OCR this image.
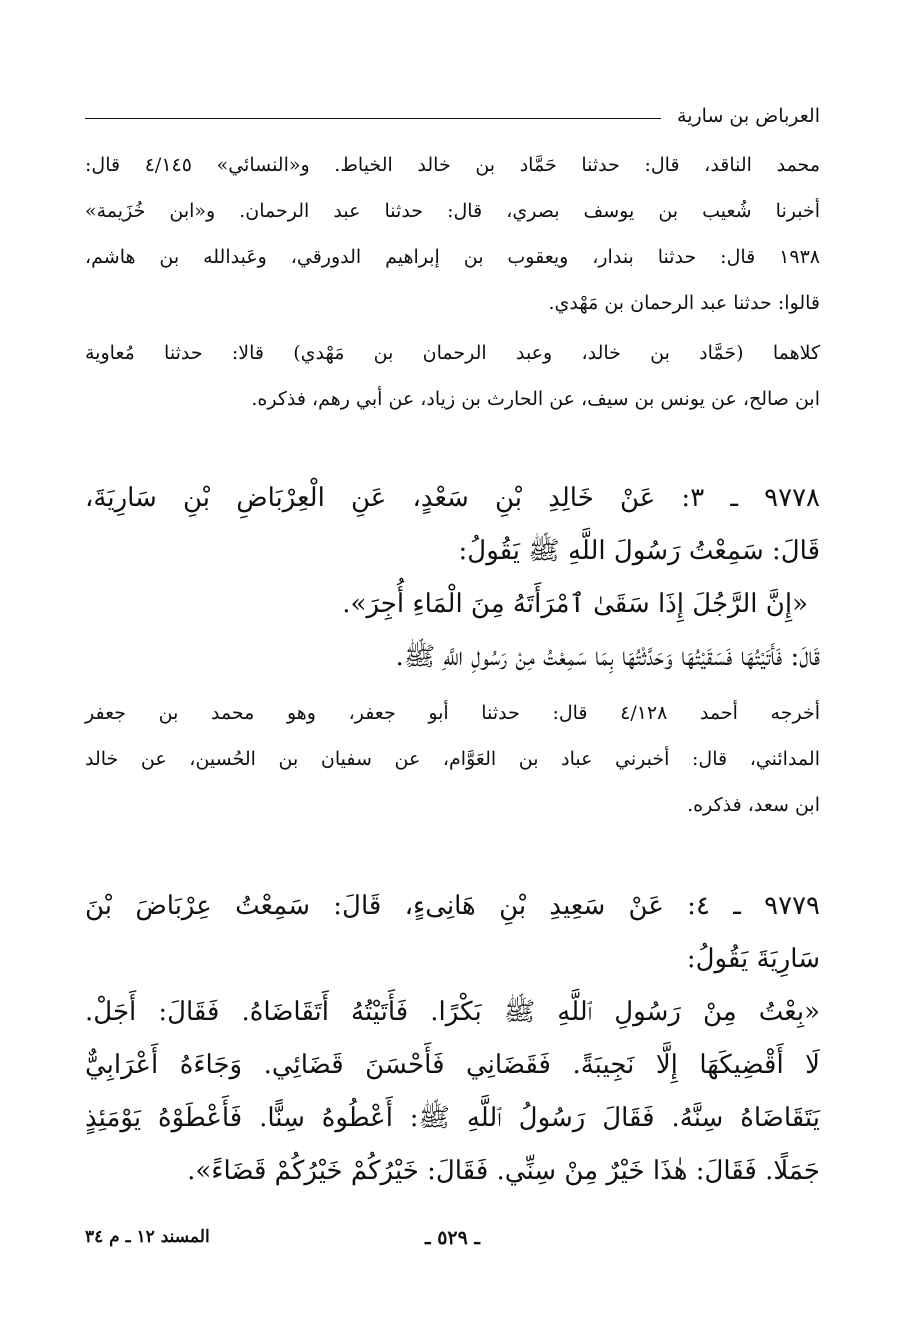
العرباض بن سارية
محمد الناقد، قال: حدثنا حَمَّاد بن خالد الخياط. و«النسائي» ٤/١٤٥ قال:
أخبرنا شُعيب بن يوسف بصري، قال: حدثنا عبد الرحمان. و«ابن خُزَيمة»
١٩٣٨ قال: حدثنا بندار، ويعقوب بن إبراهيم الدورقي، وعَبدالله بن هاشم،
قالوا: حدثنا عبد الرحمان بن مَهْدي.
كلاهما (حَمَّاد بن خالد، وعبد الرحمان بن مَهْدي) قالا: حدثنا مُعاوية
ابن صالح، عن يونس بن سيف، عن الحارث بن زياد، عن أبي رهم، فذكره.
٩٧٧٨ ـ ٣: عَنْ خَالِدِ بْنِ سَعْدٍ، عَنِ الْعِرْبَاضِ بْنِ سَارِيَةَ،
قَالَ: سَمِعْتُ رَسُولَ اللَّهِ ﷺ يَقُولُ:
«إِنَّ الرَّجُلَ إِذَا سَقَىٰ ٱمْرَأَتَهُ مِنَ الْمَاءِ أُجِرَ».
قَالَ: فَأَتَيْتُهَا فَسَقَيْتُهَا وَحَدَّثْتُهَا بِمَا سَمِعْتُ مِنْ رَسُولِ اللَّهِ ﷺ.
أخرجه أحمد ٤/١٢٨ قال: حدثنا أبو جعفر، وهو محمد بن جعفر
المدائني، قال: أخبرني عباد بن العَوَّام، عن سفيان بن الحُسين، عن خالد
ابن سعد، فذكره.
٩٧٧٩ ـ ٤: عَنْ سَعِيدِ بْنِ هَانِىءٍ، قَالَ: سَمِعْتُ عِرْبَاضَ بْنَ
سَارِيَةَ يَقُولُ:
«بِعْتُ مِنْ رَسُولِ ٱللَّهِ ﷺ بَكْرًا. فَأَتَيْتُهُ أَتَقَاضَاهُ. فَقَالَ: أَجَلْ.
لَا أَقْضِيكَهَا إِلَّا نَجِيبَةً. فَقَضَانِي فَأَحْسَنَ قَضَائِي. وَجَاءَهُ أَعْرَابِيٌّ
يَتَقَاضَاهُ سِنَّهُ. فَقَالَ رَسُولُ ٱللَّهِ ﷺ: أَعْطُوهُ سِنًّا. فَأَعْطَوْهُ يَوْمَئِذٍ
جَمَلًا. فَقَالَ: هٰذَا خَيْرٌ مِنْ سِنِّي. فَقَالَ: خَيْرُكُمْ خَيْرُكُمْ قَضَاءً».
ـ ٥٢٩ ـ
المسند ١٢ ـ م ٣٤
